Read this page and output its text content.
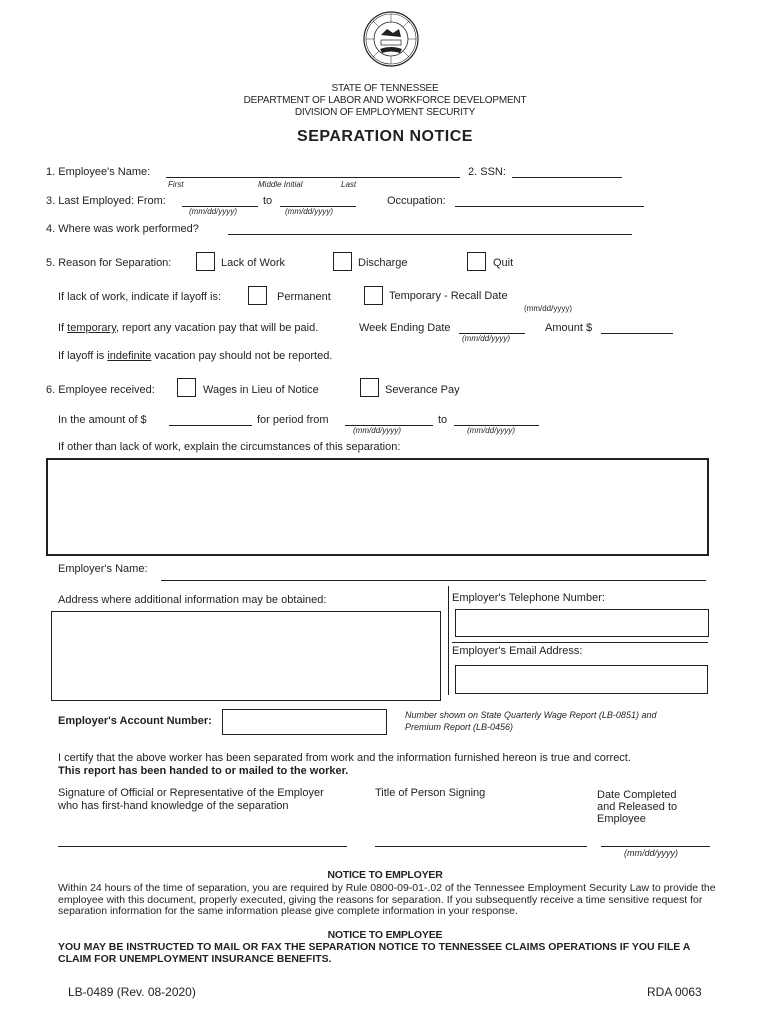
STATE OF TENNESSEE
DEPARTMENT OF LABOR AND WORKFORCE DEVELOPMENT
DIVISION OF EMPLOYMENT SECURITY
SEPARATION NOTICE
1. Employee's Name:
First	Middle Initial	Last
2. SSN:
3. Last Employed: From:	to
(mm/dd/yyyy)	(mm/dd/yyyy)
Occupation:
4. Where was work performed?
5. Reason for Separation:	Lack of Work	Discharge	Quit
If lack of work, indicate if layoff is:	Permanent	Temporary - Recall Date
(mm/dd/yyyy)
If temporary, report any vacation pay that will be paid.	Week Ending Date
(mm/dd/yyyy)
Amount $
If layoff is indefinite vacation pay should not be reported.
6. Employee received:	Wages in Lieu of Notice	Severance Pay
In the amount of $	for period from
(mm/dd/yyyy)
to
(mm/dd/yyyy)
If other than lack of work, explain the circumstances of this separation:
Employer's Name:
Address where additional information may be obtained:	Employer's Telephone Number:
Employer's Email Address:
Employer's Account Number:	Number shown on State Quarterly Wage Report (LB-0851) and
Premium Report (LB-0456)
I certify that the above worker has been separated from work and the information furnished hereon is true and correct.
This report has been handed to or mailed to the worker.
Signature of Official or Representative of the Employer
who has first-hand knowledge of the separation
Title of Person Signing	Date Completed
and Released to
Employee
(mm/dd/yyyy)
NOTICE TO EMPLOYER
Within 24 hours of the time of separation, you are required by Rule 0800-09-01-.02 of the Tennessee Employment Security Law to provide the employee with this document, properly executed, giving the reasons for separation. If you subsequently receive a time sensitive request for separation information for the same information please give complete information in your response.
NOTICE TO EMPLOYEE
YOU MAY BE INSTRUCTED TO MAIL OR FAX THE SEPARATION NOTICE TO TENNESSEE CLAIMS OPERATIONS IF YOU FILE A CLAIM FOR UNEMPLOYMENT INSURANCE BENEFITS.
LB-0489 (Rev. 08-2020)	RDA 0063
